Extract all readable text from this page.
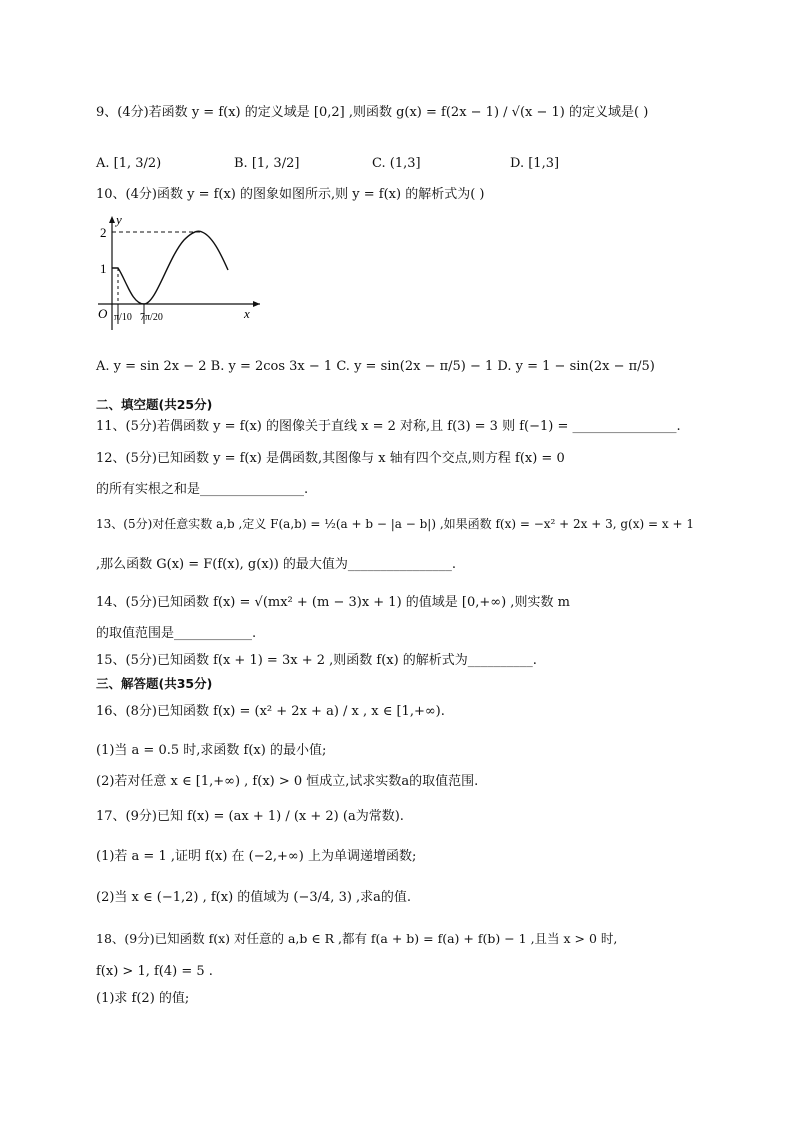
9、(4分)若函数 y = f(x) 的定义域是 [0,2] ,则函数 g(x) = f(2x − 1) / √(x − 1) 的定义域是( )
A. [1, 3/2)	B. [1, 3/2]	C. (1,3]	D. [1,3]
10、(4分)函数 y = f(x) 的图象如图所示,则 y = f(x) 的解析式为( )
y
x
O
2
1
π/10 7π/20
A. y = sin 2x − 2 B. y = 2cos 3x − 1 C. y = sin(2x − π/5) − 1 D. y = 1 − sin(2x − π/5)
二、填空题(共25分)
11、(5分)若偶函数 y = f(x) 的图像关于直线 x = 2 对称,且 f(3) = 3 则 f(−1) = ________________.
12、(5分)已知函数 y = f(x) 是偶函数,其图像与 x 轴有四个交点,则方程 f(x) = 0
的所有实根之和是________________.
13、(5分)对任意实数 a,b ,定义 F(a,b) = ½(a + b − |a − b|) ,如果函数 f(x) = −x² + 2x + 3, g(x) = x + 1
,那么函数 G(x) = F(f(x), g(x)) 的最大值为________________.
14、(5分)已知函数 f(x) = √(mx² + (m − 3)x + 1) 的值域是 [0,+∞) ,则实数 m
的取值范围是____________.
15、(5分)已知函数 f(x + 1) = 3x + 2 ,则函数 f(x) 的解析式为__________.
三、解答题(共35分)
16、(8分)已知函数 f(x) = (x² + 2x + a) / x , x ∈ [1,+∞).
(1)当 a = 0.5 时,求函数 f(x) 的最小值;
(2)若对任意 x ∈ [1,+∞) , f(x) > 0 恒成立,试求实数a的取值范围.
17、(9分)已知 f(x) = (ax + 1) / (x + 2) (a为常数).
(1)若 a = 1 ,证明 f(x) 在 (−2,+∞) 上为单调递增函数;
(2)当 x ∈ (−1,2) , f(x) 的值域为 (−3/4, 3) ,求a的值.
18、(9分)已知函数 f(x) 对任意的 a,b ∈ R ,都有 f(a + b) = f(a) + f(b) − 1 ,且当 x > 0 时,
f(x) > 1, f(4) = 5 .
(1)求 f(2) 的值;
